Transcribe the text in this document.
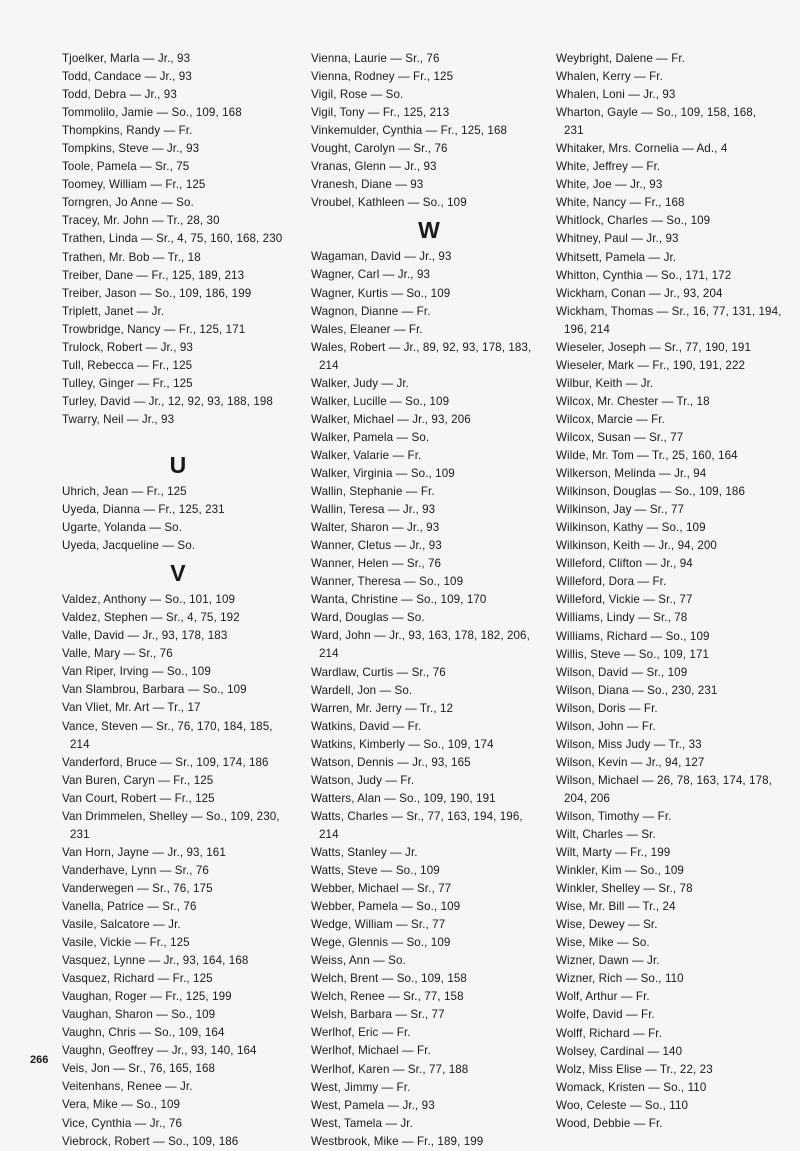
Tjoelker, Marla — Jr., 93
Todd, Candace — Jr., 93
Todd, Debra — Jr., 93
Tommolilo, Jamie — So., 109, 168
Thompkins, Randy — Fr.
Tompkins, Steve — Jr., 93
Toole, Pamela — Sr., 75
Toomey, William — Fr., 125
Torngren, Jo Anne — So.
Tracey, Mr. John — Tr., 28, 30
Trathen, Linda — Sr., 4, 75, 160, 168, 230
Trathen, Mr. Bob — Tr., 18
Treiber, Dane — Fr., 125, 189, 213
Treiber, Jason — So., 109, 186, 199
Triplett, Janet — Jr.
Trowbridge, Nancy — Fr., 125, 171
Trulock, Robert — Jr., 93
Tull, Rebecca — Fr., 125
Tulley, Ginger — Fr., 125
Turley, David — Jr., 12, 92, 93, 188, 198
Twarry, Neil — Jr., 93
U
Uhrich, Jean — Fr., 125
Uyeda, Dianna — Fr., 125, 231
Ugarte, Yolanda — So.
Uyeda, Jacqueline — So.
V
Valdez, Anthony — So., 101, 109
Valdez, Stephen — Sr., 4, 75, 192
Valle, David — Jr., 93, 178, 183
Valle, Mary — Sr., 76
Van Riper, Irving — So., 109
Van Slambrou, Barbara — So., 109
Van Vliet, Mr. Art — Tr., 17
Vance, Steven — Sr., 76, 170, 184, 185,
214
Vanderford, Bruce — Sr., 109, 174, 186
Van Buren, Caryn — Fr., 125
Van Court, Robert — Fr., 125
Van Drimmelen, Shelley — So., 109, 230,
231
Van Horn, Jayne — Jr., 93, 161
Vanderhave, Lynn — Sr., 76
Vanderwegen — Sr., 76, 175
Vanella, Patrice — Sr., 76
Vasile, Salcatore — Jr.
Vasile, Vickie — Fr., 125
Vasquez, Lynne — Jr., 93, 164, 168
Vasquez, Richard — Fr., 125
Vaughan, Roger — Fr., 125, 199
Vaughan, Sharon — So., 109
Vaughn, Chris — So., 109, 164
Vaughn, Geoffrey — Jr., 93, 140, 164
Veis, Jon — Sr., 76, 165, 168
Veitenhans, Renee — Jr.
Vera, Mike — So., 109
Vice, Cynthia — Jr., 76
Viebrock, Robert — So., 109, 186
Vienna, Laurie — Sr., 76
Vienna, Rodney — Fr., 125
Vigil, Rose — So.
Vigil, Tony — Fr., 125, 213
Vinkemulder, Cynthia — Fr., 125, 168
Vought, Carolyn — Sr., 76
Vranas, Glenn — Jr., 93
Vranesh, Diane — 93
Vroubel, Kathleen — So., 109
W
Wagaman, David — Jr., 93
Wagner, Carl — Jr., 93
Wagner, Kurtis — So., 109
Wagnon, Dianne — Fr.
Wales, Eleaner — Fr.
Wales, Robert — Jr., 89, 92, 93, 178, 183,
214
Walker, Judy — Jr.
Walker, Lucille — So., 109
Walker, Michael — Jr., 93, 206
Walker, Pamela — So.
Walker, Valarie — Fr.
Walker, Virginia — So., 109
Wallin, Stephanie — Fr.
Wallin, Teresa — Jr., 93
Walter, Sharon — Jr., 93
Wanner, Cletus — Jr., 93
Wanner, Helen — Sr., 76
Wanner, Theresa — So., 109
Wanta, Christine — So., 109, 170
Ward, Douglas — So.
Ward, John — Jr., 93, 163, 178, 182, 206,
214
Wardlaw, Curtis — Sr., 76
Wardell, Jon — So.
Warren, Mr. Jerry — Tr., 12
Watkins, David — Fr.
Watkins, Kimberly — So., 109, 174
Watson, Dennis — Jr., 93, 165
Watson, Judy — Fr.
Watters, Alan — So., 109, 190, 191
Watts, Charles — Sr., 77, 163, 194, 196,
214
Watts, Stanley — Jr.
Watts, Steve — So., 109
Webber, Michael — Sr., 77
Webber, Pamela — So., 109
Wedge, William — Sr., 77
Wege, Glennis — So., 109
Weiss, Ann — So.
Welch, Brent — So., 109, 158
Welch, Renee — Sr., 77, 158
Welsh, Barbara — Sr., 77
Werlhof, Eric — Fr.
Werlhof, Michael — Fr.
Werlhof, Karen — Sr., 77, 188
West, Jimmy — Fr.
West, Pamela — Jr., 93
West, Tamela — Jr.
Westbrook, Mike — Fr., 189, 199
Weybright, Dalene — Fr.
Whalen, Kerry — Fr.
Whalen, Loni — Jr., 93
Wharton, Gayle — So., 109, 158, 168,
231
Whitaker, Mrs. Cornelia — Ad., 4
White, Jeffrey — Fr.
White, Joe — Jr., 93
White, Nancy — Fr., 168
Whitlock, Charles — So., 109
Whitney, Paul — Jr., 93
Whitsett, Pamela — Jr.
Whitton, Cynthia — So., 171, 172
Wickham, Conan — Jr., 93, 204
Wickham, Thomas — Sr., 16, 77, 131, 194,
196, 214
Wieseler, Joseph — Sr., 77, 190, 191
Wieseler, Mark — Fr., 190, 191, 222
Wilbur, Keith — Jr.
Wilcox, Mr. Chester — Tr., 18
Wilcox, Marcie — Fr.
Wilcox, Susan — Sr., 77
Wilde, Mr. Tom — Tr., 25, 160, 164
Wilkerson, Melinda — Jr., 94
Wilkinson, Douglas — So., 109, 186
Wilkinson, Jay — Sr., 77
Wilkinson, Kathy — So., 109
Wilkinson, Keith — Jr., 94, 200
Willeford, Clifton — Jr., 94
Willeford, Dora — Fr.
Willeford, Vickie — Sr., 77
Williams, Lindy — Sr., 78
Williams, Richard — So., 109
Willis, Steve — So., 109, 171
Wilson, David — Sr., 109
Wilson, Diana — So., 230, 231
Wilson, Doris — Fr.
Wilson, John — Fr.
Wilson, Miss Judy — Tr., 33
Wilson, Kevin — Jr., 94, 127
Wilson, Michael — 26, 78, 163, 174, 178,
204, 206
Wilson, Timothy — Fr.
Wilt, Charles — Sr.
Wilt, Marty — Fr., 199
Winkler, Kim — So., 109
Winkler, Shelley — Sr., 78
Wise, Mr. Bill — Tr., 24
Wise, Dewey — Sr.
Wise, Mike — So.
Wizner, Dawn — Jr.
Wizner, Rich — So., 110
Wolf, Arthur — Fr.
Wolfe, David — Fr.
Wolff, Richard — Fr.
Wolsey, Cardinal — 140
Wolz, Miss Elise — Tr., 22, 23
Womack, Kristen — So., 110
Woo, Celeste — So., 110
Wood, Debbie — Fr.
266
